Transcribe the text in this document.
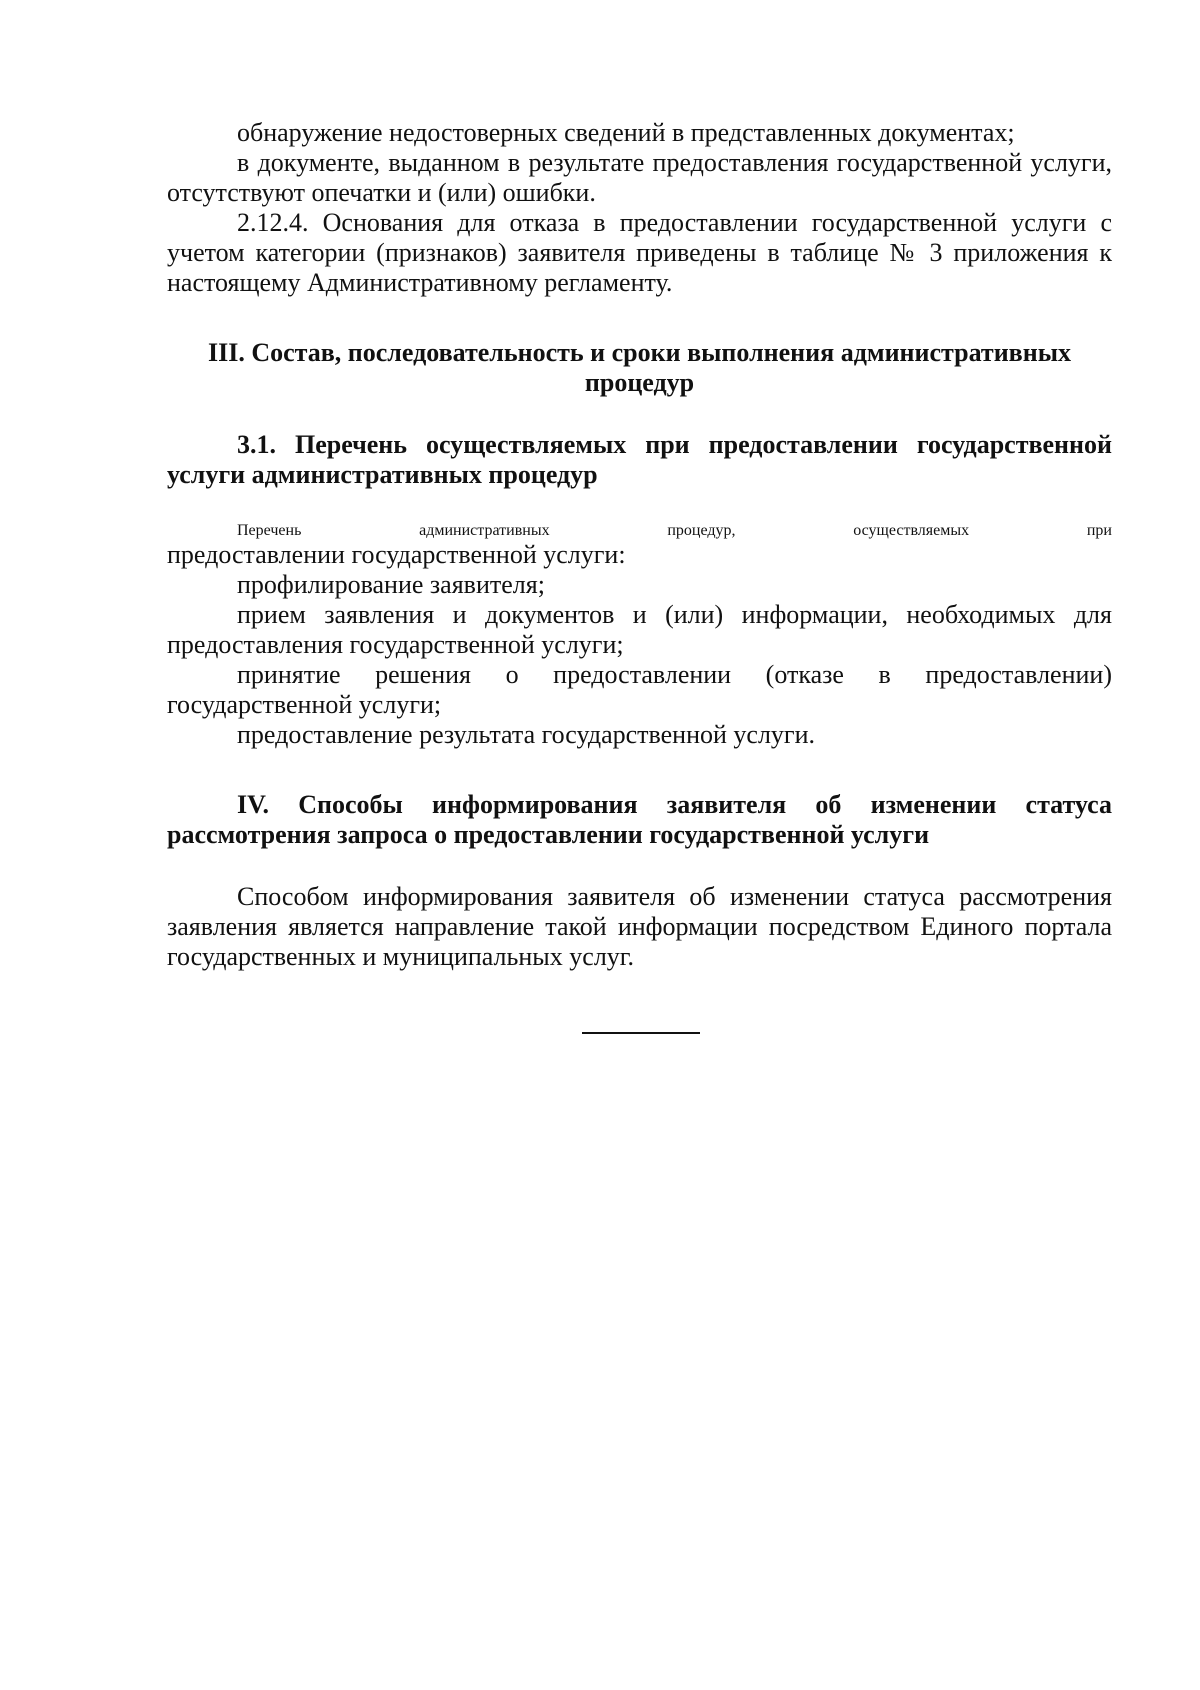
обнаружение недостоверных сведений в представленных документах;

в документе, выданном в результате предоставления государственной услуги, отсутствуют опечатки и (или) ошибки.

2.12.4. Основания для отказа в предоставлении государственной услуги с учетом категории (признаков) заявителя приведены в таблице № 3 приложения к настоящему Административному регламенту.

III. Состав, последовательность и сроки выполнения административных
процедур
3.1. Перечень осуществляемых при предоставлении государственной услуги административных процедур
Перечень	административных	процедур,	осуществляемых	при

предоставлении государственной услуги:

профилирование заявителя;

прием заявления и документов и (или) информации, необходимых для предоставления государственной услуги;

принятие решения о предоставлении (отказе в предоставлении) государственной услуги;

предоставление результата государственной услуги.

IV. Способы информирования заявителя об изменении статуса рассмотрения запроса о предоставлении государственной услуги

Способом информирования заявителя об изменении статуса рассмотрения заявления является направление такой информации посредством Единого портала государственных и муниципальных услуг.
